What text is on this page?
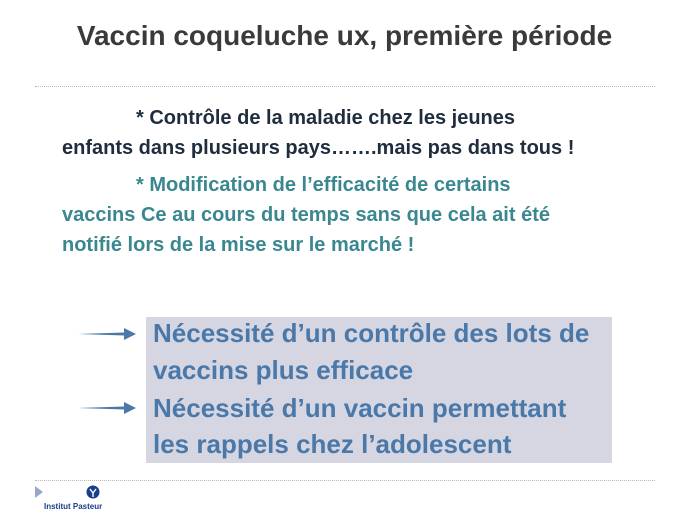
Vaccin coqueluche ux, première période
* Contrôle de la maladie chez les jeunes
enfants dans plusieurs pays…….mais pas dans tous !
* Modification de l’efficacité de certains
vaccins Ce au cours du temps sans que cela ait été
notifié lors de la mise sur le marché !
Nécessité d’un contrôle des lots de
vaccins plus efficace
Nécessité d’un vaccin permettant
les rappels chez l’adolescent
Institut Pasteur
